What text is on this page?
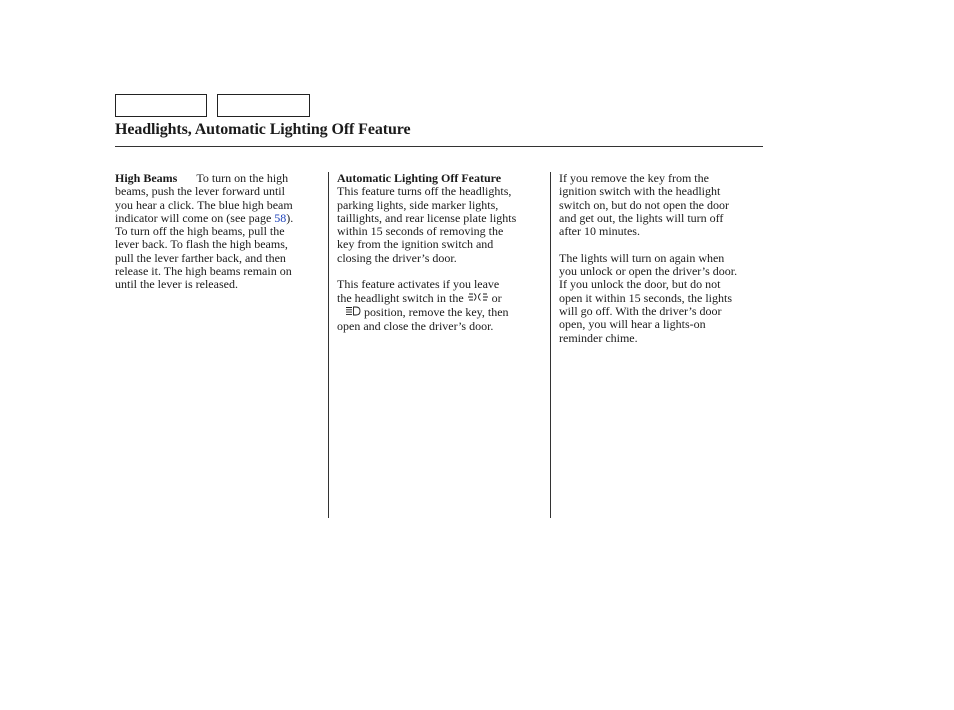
Headlights, Automatic Lighting Off Feature

High Beams To turn on the high
beams, push the lever forward until
you hear a click. The blue high beam
indicator will come on (see page 58).
To turn off the high beams, pull the
lever back. To flash the high beams,
pull the lever farther back, and then
release it. The high beams remain on
until the lever is released.

Automatic Lighting Off Feature
This feature turns off the headlights,
parking lights, side marker lights,
taillights, and rear license plate lights
within 15 seconds of removing the
key from the ignition switch and
closing the driver’s door.

This feature activates if you leave
the headlight switch in the or
position, remove the key, then
open and close the driver’s door.

If you remove the key from the
ignition switch with the headlight
switch on, but do not open the door
and get out, the lights will turn off
after 10 minutes.

The lights will turn on again when
you unlock or open the driver’s door.
If you unlock the door, but do not
open it within 15 seconds, the lights
will go off. With the driver’s door
open, you will hear a lights-on
reminder chime.
